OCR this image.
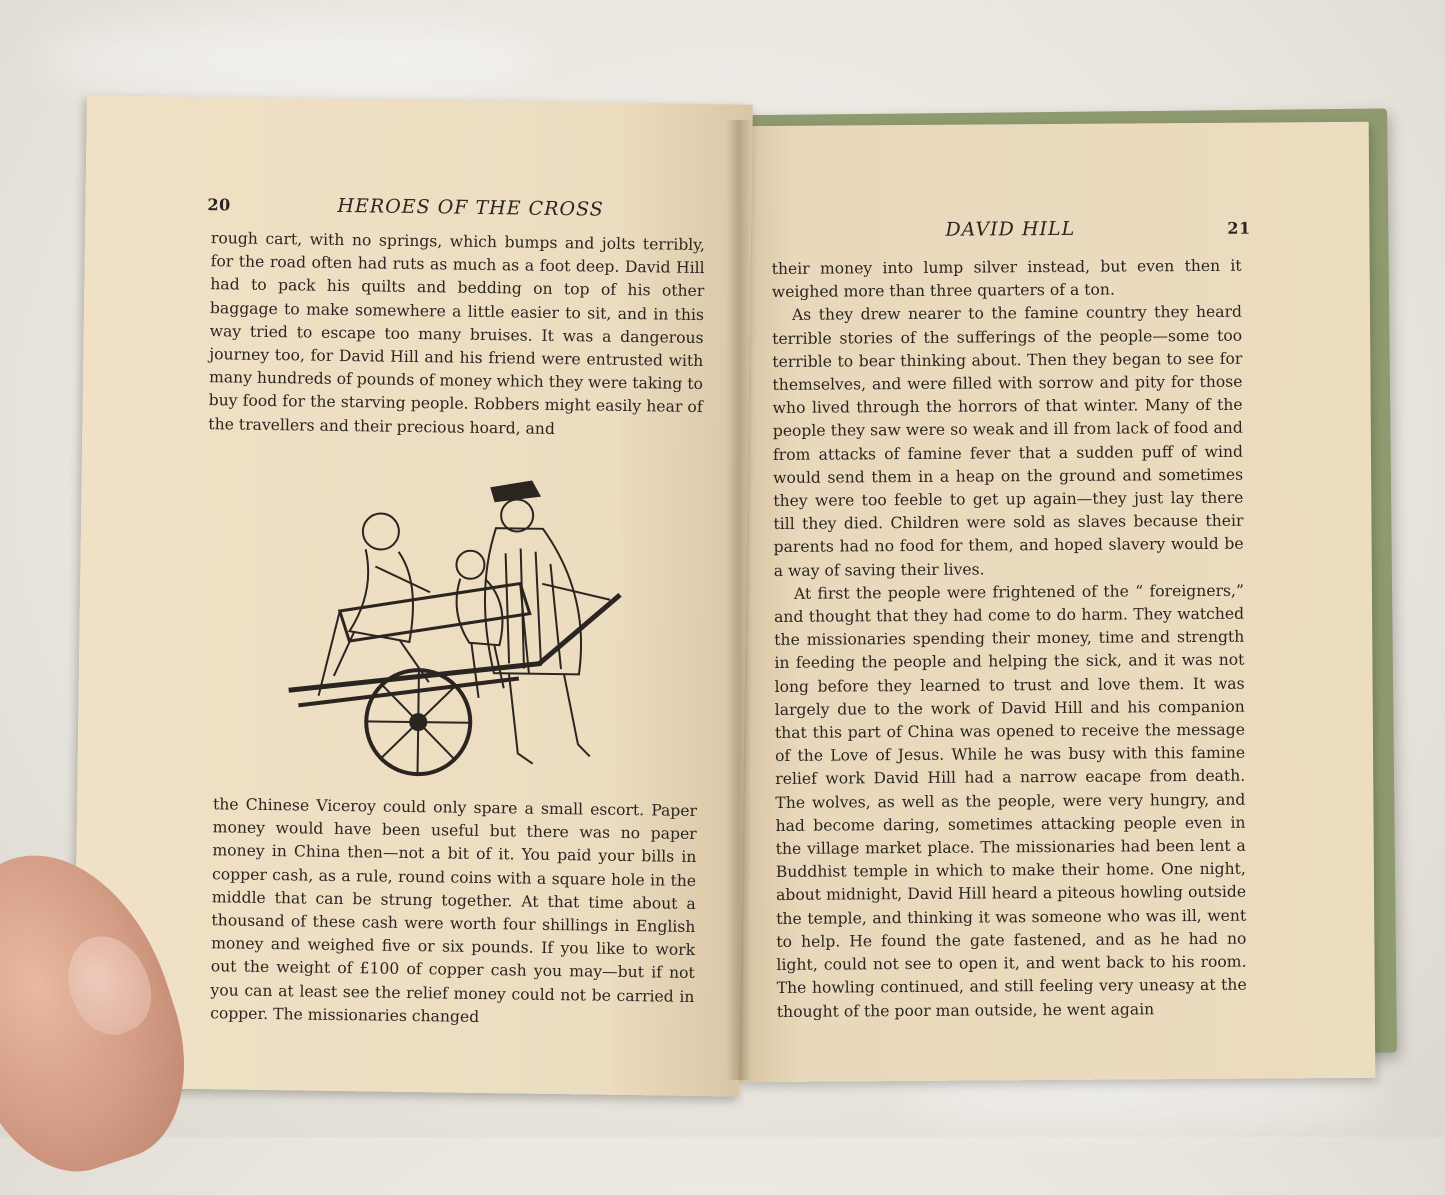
DAVID HILL	21

their money into lump silver instead, but even then it weighed more than three quarters of a ton.

As they drew nearer to the famine country they heard terrible stories of the sufferings of the people—some too terrible to bear thinking about. Then they began to see for themselves, and were filled with sorrow and pity for those who lived through the horrors of that winter. Many of the people they saw were so weak and ill from lack of food and from attacks of famine fever that a sudden puff of wind would send them in a heap on the ground and sometimes they were too feeble to get up again—they just lay there till they died. Children were sold as slaves because their parents had no food for them, and hoped slavery would be a way of saving their lives.

At first the people were frightened of the “ foreigners,” and thought that they had come to do harm. They watched the missionaries spending their money, time and strength in feeding the people and helping the sick, and it was not long before they learned to trust and love them. It was largely due to the work of David Hill and his companion that this part of China was opened to receive the message of the Love of Jesus. While he was busy with this famine relief work David Hill had a narrow eacape from death. The wolves, as well as the people, were very hungry, and had become daring, sometimes attacking people even in the village market place. The missionaries had been lent a Buddhist temple in which to make their home. One night, about midnight, David Hill heard a piteous howling outside the temple, and thinking it was someone who was ill, went to help. He found the gate fastened, and as he had no light, could not see to open it, and went back to his room. The howling continued, and still feeling very uneasy at the thought of the poor man outside, he went again

20	HEROES OF THE CROSS

rough cart, with no springs, which bumps and jolts terribly, for the road often had ruts as much as a foot deep. David Hill had to pack his quilts and bedding on top of his other baggage to make somewhere a little easier to sit, and in this way tried to escape too many bruises. It was a dangerous journey too, for David Hill and his friend were entrusted with many hundreds of pounds of money which they were taking to buy food for the starving people. Robbers might easily hear of the travellers and their precious hoard, and

the Chinese Viceroy could only spare a small escort. Paper money would have been useful but there was no paper money in China then—not a bit of it. You paid your bills in copper cash, as a rule, round coins with a square hole in the middle that can be strung together. At that time about a thousand of these cash were worth four shillings in English money and weighed five or six pounds. If you like to work out the weight of £100 of copper cash you may—but if not you can at least see the relief money could not be carried in copper. The missionaries changed
